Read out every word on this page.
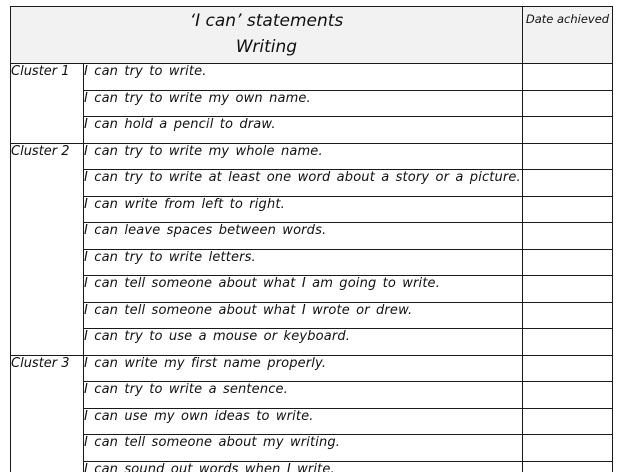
‘I can’ statements
Writing		Date achieved

Cluster 1	I can try to write.	
	I can try to write my own name.	
	I can hold a pencil to draw.	
Cluster 2	I can try to write my whole name.	
	I can try to write at least one word about a story or a picture.	
	I can write from left to right.	
	I can leave spaces between words.	
	I can try to write letters.	
	I can tell someone about what I am going to write.	
	I can tell someone about what I wrote or drew.	
	I can try to use a mouse or keyboard.	
Cluster 3	I can write my first name properly.	
	I can try to write a sentence.	
	I can use my own ideas to write.	
	I can tell someone about my writing.	
	I can sound out words when I write.	
